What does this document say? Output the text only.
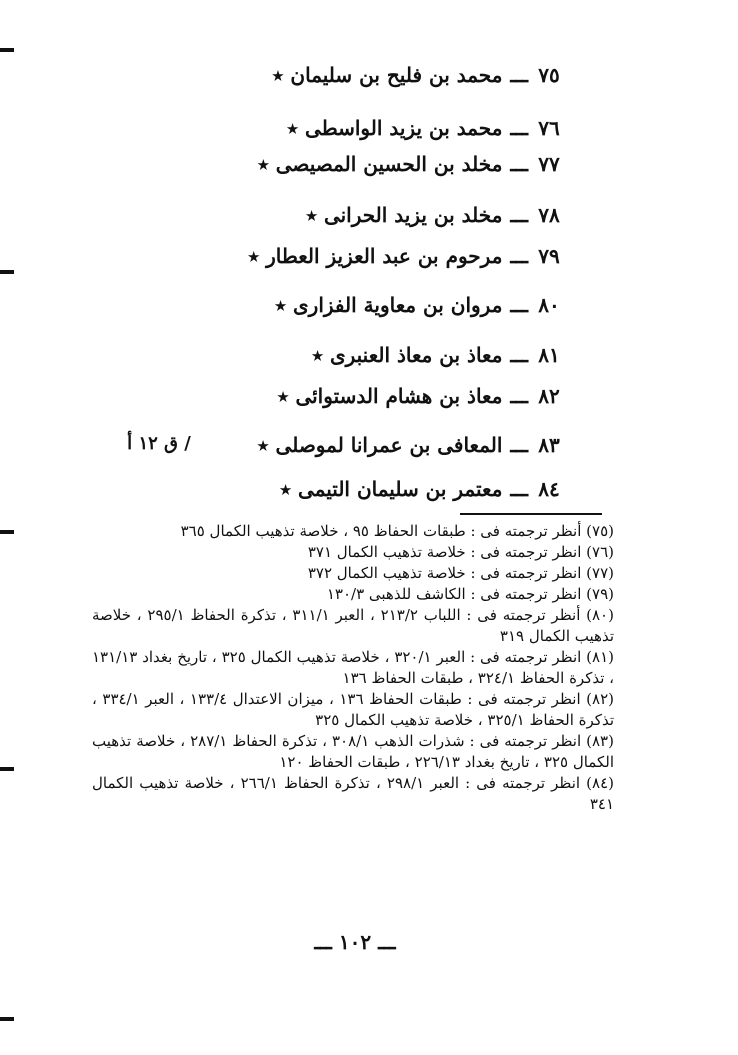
٧٥
ـــ
محمد بن فليح بن سليمان ٭
٧٦
ـــ
محمد بن يزيد الواسطى ٭
٧٧
ـــ
مخلد بن الحسين المصيصى ٭
٧٨
ـــ
مخلد بن يزيد الحرانى ٭
٧٩
ـــ
مرحوم بن عبد العزيز العطار ٭
٨٠
ـــ
مروان بن معاوية الفزارى ٭
٨١
ـــ
معاذ بن معاذ العنبرى ٭
٨٢
ـــ
معاذ بن هشام الدستوائى ٭
٨٣
ـــ
المعافى بن عمرانا لموصلى ٭
٨٤
ـــ
معتمر بن سليمان التيمى ٭
/ ق ١٢ أ

(٧٥) أنظر ترجمته فى : طبقات الحفاظ ٩٥ ، خلاصة تذهيب الكمال ٣٦٥

(٧٦) انظر ترجمته فى : خلاصة تذهيب الكمال ٣٧١

(٧٧) انظر ترجمته فى : خلاصة تذهيب الكمال ٣٧٢

(٧٩) انظر ترجمته فى : الكاشف للذهبى ١٣٠/٣

(٨٠) أنظر ترجمته فى : اللباب ٢١٣/٢ ، العبر ٣١١/١ ، تذكرة الحفاظ ٢٩٥/١ ، خلاصة تذهيب الكمال ٣١٩

(٨١) انظر ترجمته فى : العبر ٣٢٠/١ ، خلاصة تذهيب الكمال ٣٢٥ ، تاريخ بغداد ١٣١/١٣ ، تذكرة الحفاظ ٣٢٤/١ ، طبقات الحفاظ ١٣٦

(٨٢) انظر ترجمته فى : طبقات الحفاظ ١٣٦ ، ميزان الاعتدال ١٣٣/٤ ، العبر ٣٣٤/١ ، تذكرة الحفاظ ٣٢٥/١ ، خلاصة تذهيب الكمال ٣٢٥

(٨٣) انظر ترجمته فى : شذرات الذهب ٣٠٨/١ ، تذكرة الحفاظ ٢٨٧/١ ، خلاصة تذهيب الكمال ٣٢٥ ، تاريخ بغداد ٢٢٦/١٣ ، طبقات الحفاظ ١٢٠

(٨٤) انظر ترجمته فى : العبر ٢٩٨/١ ، تذكرة الحفاظ ٢٦٦/١ ، خلاصة تذهيب الكمال ٣٤١

ـــ ١٠٢ ـــ
